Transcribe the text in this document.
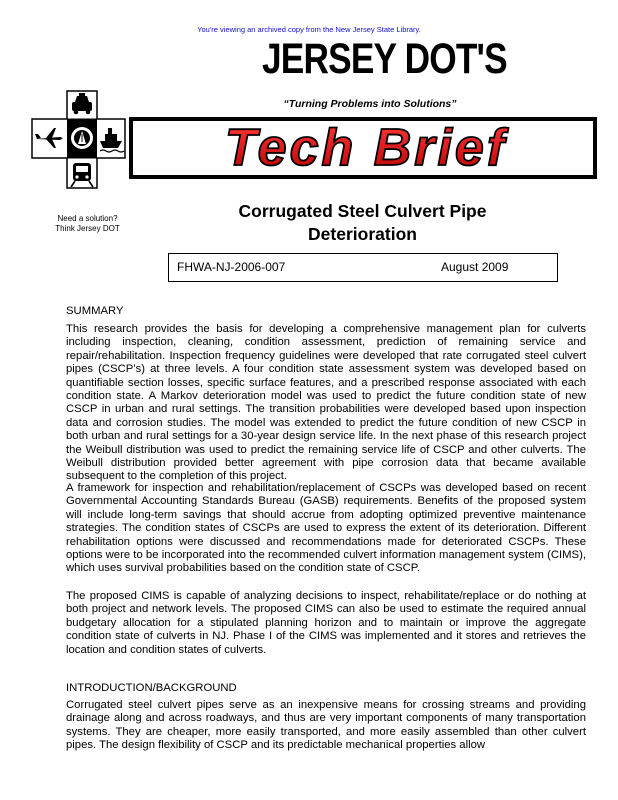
You're viewing an archived copy from the New Jersey State Library.
JERSEY DOT'S
“Turning Problems into Solutions”
Tech Brief
Need a solution?
Think Jersey DOT
Corrugated Steel Culvert Pipe
Deterioration
FHWA-NJ-2006-007	August 2009
SUMMARY

This research provides the basis for developing a comprehensive management plan for culverts including inspection, cleaning, condition assessment, prediction of remaining service and repair/rehabilitation. Inspection frequency guidelines were developed that rate corrugated steel culvert pipes (CSCP’s) at three levels. A four condition state assessment system was developed based on quantifiable section losses, specific surface features, and a prescribed response associated with each condition state. A Markov deterioration model was used to predict the future condition state of new CSCP in urban and rural settings. The transition probabilities were developed based upon inspection data and corrosion studies. The model was extended to predict the future condition of new CSCP in both urban and rural settings for a 30-year design service life. In the next phase of this research project the Weibull distribution was used to predict the remaining service life of CSCP and other culverts. The Weibull distribution provided better agreement with pipe corrosion data that became available subsequent to the completion of this project.

A framework for inspection and rehabilitation/replacement of CSCPs was developed based on recent Governmental Accounting Standards Bureau (GASB) requirements. Benefits of the proposed system will include long-term savings that should accrue from adopting optimized preventive maintenance strategies. The condition states of CSCPs are used to express the extent of its deterioration. Different rehabilitation options were discussed and recommendations made for deteriorated CSCPs. These options were to be incorporated into the recommended culvert information management system (CIMS), which uses survival probabilities based on the condition state of CSCP.

The proposed CIMS is capable of analyzing decisions to inspect, rehabilitate/replace or do nothing at both project and network levels. The proposed CIMS can also be used to estimate the required annual budgetary allocation for a stipulated planning horizon and to maintain or improve the aggregate condition state of culverts in NJ. Phase I of the CIMS was implemented and it stores and retrieves the location and condition states of culverts.

INTRODUCTION/BACKGROUND

Corrugated steel culvert pipes serve as an inexpensive means for crossing streams and providing drainage along and across roadways, and thus are very important components of many transportation systems. They are cheaper, more easily transported, and more easily assembled than other culvert pipes. The design flexibility of CSCP and its predictable mechanical properties allow
